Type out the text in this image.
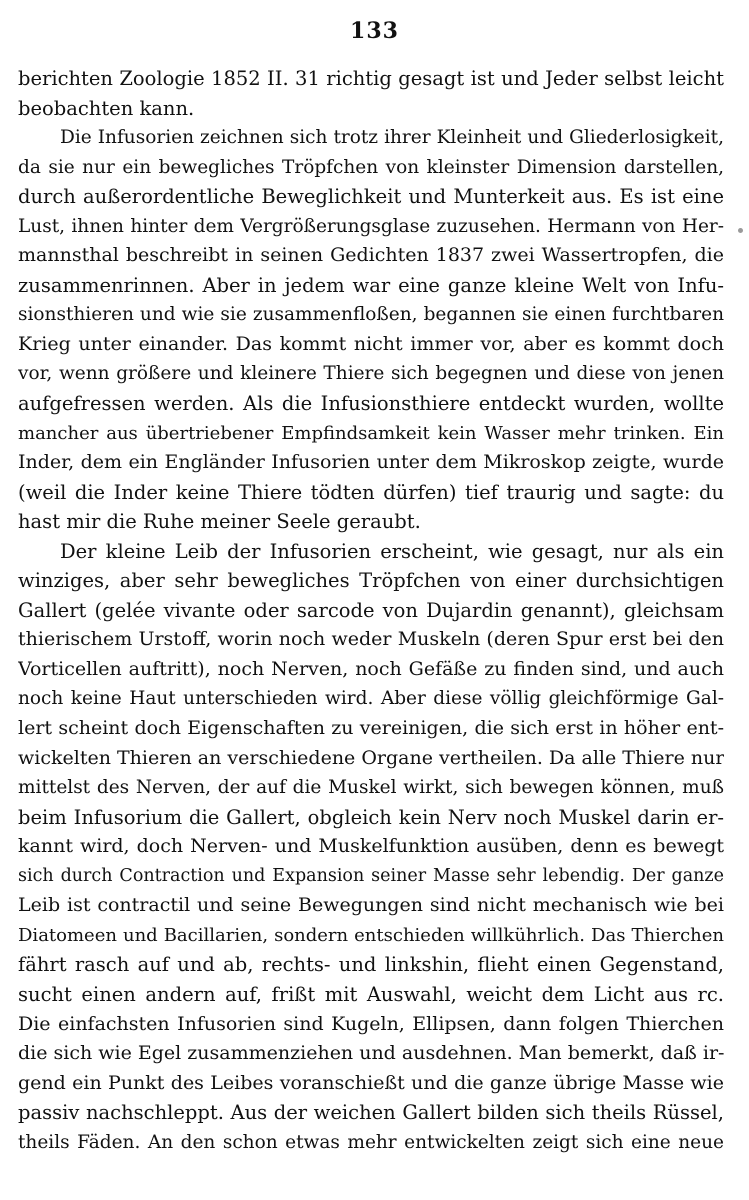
133
berichten Zoologie 1852 II. 31 richtig gesagt ist und Jeder selbst leicht
beobachten kann.
Die Infusorien zeichnen sich trotz ihrer Kleinheit und Gliederlosigkeit,
da sie nur ein bewegliches Tröpfchen von kleinster Dimension darstellen,
durch außerordentliche Beweglichkeit und Munterkeit aus. Es ist eine
Lust, ihnen hinter dem Vergrößerungsglase zuzusehen. Hermann von Her-
mannsthal beschreibt in seinen Gedichten 1837 zwei Wassertropfen, die
zusammenrinnen. Aber in jedem war eine ganze kleine Welt von Infu-
sionsthieren und wie sie zusammenfloßen, begannen sie einen furchtbaren
Krieg unter einander. Das kommt nicht immer vor, aber es kommt doch
vor, wenn größere und kleinere Thiere sich begegnen und diese von jenen
aufgefressen werden. Als die Infusionsthiere entdeckt wurden, wollte
mancher aus übertriebener Empfindsamkeit kein Wasser mehr trinken. Ein
Inder, dem ein Engländer Infusorien unter dem Mikroskop zeigte, wurde
(weil die Inder keine Thiere tödten dürfen) tief traurig und sagte: du
hast mir die Ruhe meiner Seele geraubt.
Der kleine Leib der Infusorien erscheint, wie gesagt, nur als ein
winziges, aber sehr bewegliches Tröpfchen von einer durchsichtigen
Gallert (gelée vivante oder sarcode von Dujardin genannt), gleichsam
thierischem Urstoff, worin noch weder Muskeln (deren Spur erst bei den
Vorticellen auftritt), noch Nerven, noch Gefäße zu finden sind, und auch
noch keine Haut unterschieden wird. Aber diese völlig gleichförmige Gal-
lert scheint doch Eigenschaften zu vereinigen, die sich erst in höher ent-
wickelten Thieren an verschiedene Organe vertheilen. Da alle Thiere nur
mittelst des Nerven, der auf die Muskel wirkt, sich bewegen können, muß
beim Infusorium die Gallert, obgleich kein Nerv noch Muskel darin er-
kannt wird, doch Nerven- und Muskelfunktion ausüben, denn es bewegt
sich durch Contraction und Expansion seiner Masse sehr lebendig. Der ganze
Leib ist contractil und seine Bewegungen sind nicht mechanisch wie bei
Diatomeen und Bacillarien, sondern entschieden willkührlich. Das Thierchen
fährt rasch auf und ab, rechts- und linkshin, flieht einen Gegenstand,
sucht einen andern auf, frißt mit Auswahl, weicht dem Licht aus rc.
Die einfachsten Infusorien sind Kugeln, Ellipsen, dann folgen Thierchen
die sich wie Egel zusammenziehen und ausdehnen. Man bemerkt, daß ir-
gend ein Punkt des Leibes voranschießt und die ganze übrige Masse wie
passiv nachschleppt. Aus der weichen Gallert bilden sich theils Rüssel,
theils Fäden. An den schon etwas mehr entwickelten zeigt sich eine neue
